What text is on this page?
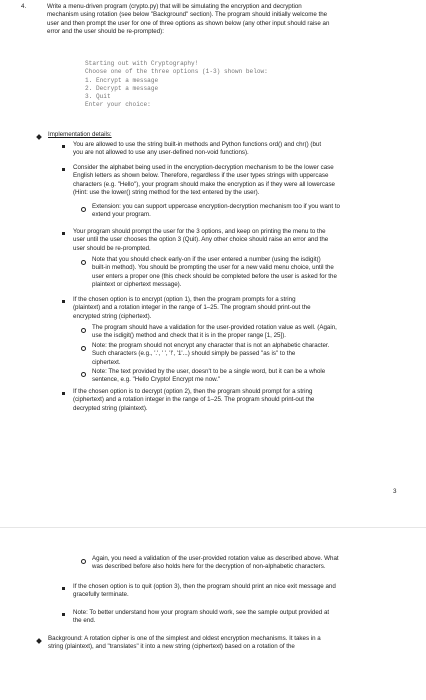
4.	Write a menu-driven program (crypto.py) that will be simulating the encryption and decryption
mechanism using rotation (see below "Background" section). The program should initially welcome the
user and then prompt the user for one of three options as shown below (any other input should raise an
error and the user should be re-prompted):
Starting out with Cryptography!
Choose one of the three options (1-3) shown below:
1. Encrypt a message
2. Decrypt a message
3. Quit
Enter your choice:
Implementation details:
You are allowed to use the string built-in methods and Python functions ord() and chr() (but
you are not allowed to use any user-defined non-void functions).
Consider the alphabet being used in the encryption-decryption mechanism to be the lower case
English letters as shown below. Therefore, regardless if the user types strings with uppercase
characters (e.g. "Hello"), your program should make the encryption as if they were all lowercase
(Hint: use the lower() string method for the text entered by the user).
Extension: you can support uppercase encryption-decryption mechanism too if you want to
extend your program.
Your program should prompt the user for the 3 options, and keep on printing the menu to the
user until the user chooses the option 3 (Quit). Any other choice should raise an error and the
user should be re-prompted.
Note that you should check early-on if the user entered a number (using the isdigit()
built-in method). You should be prompting the user for a new valid menu choice, until the
user enters a proper one (this check should be completed before the user is asked for the
plaintext or ciphertext message).
If the chosen option is to encrypt (option 1), then the program prompts for a string
(plaintext) and a rotation integer in the range of 1–25. The program should print-out the
encrypted string (ciphertext).
The program should have a validation for the user-provided rotation value as well. (Again,
use the isdigit() method and check that it is in the proper range [1, 25]).
Note: the program should not encrypt any character that is not an alphabetic character.
Such characters (e.g., '.', ' ', '!', '1'...) should simply be passed "as is" to the
ciphertext.
Note: The text provided by the user, doesn't to be a single word, but it can be a whole
sentence, e.g. "Hello Crypto! Encrypt me now."
If the chosen option is to decrypt (option 2), then the program should prompt for a string
(ciphertext) and a rotation integer in the range of 1–25. The program should print-out the
decrypted string (plaintext).
3
Again, you need a validation of the user-provided rotation value as described above. What
was described before also holds here for the decryption of non-alphabetic characters.
If the chosen option is to quit (option 3), then the program should print an nice exit message and
gracefully terminate.
Note: To better understand how your program should work, see the sample output provided at
the end.
Background: A rotation cipher is one of the simplest and oldest encryption mechanisms. It takes in a
string (plaintext), and "translates" it into a new string (ciphertext) based on a rotation of the
